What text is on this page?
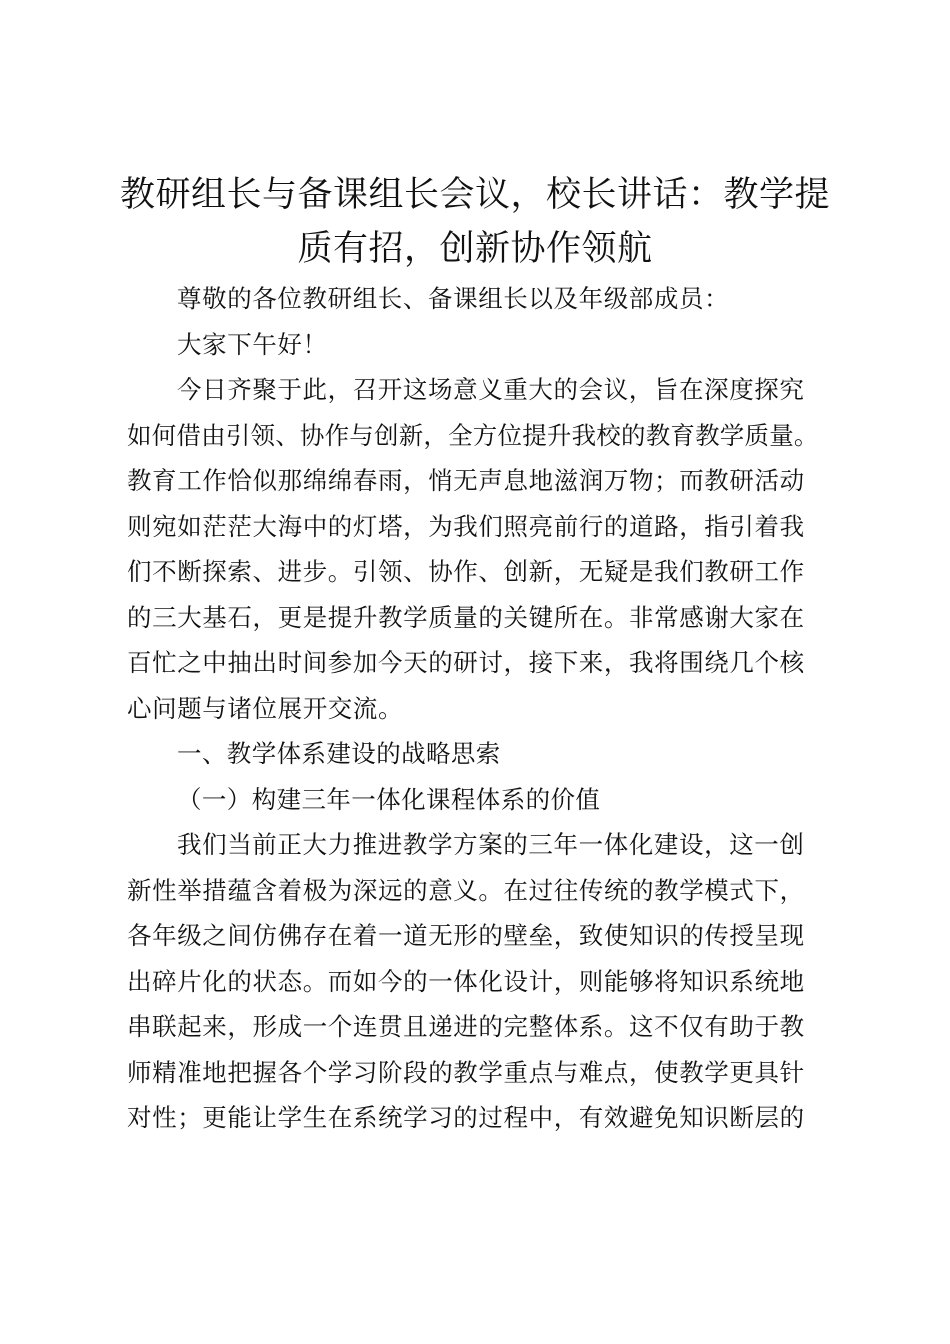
教研组长与备课组长会议，校长讲话：教学提
质有招，创新协作领航

尊敬的各位教研组长、备课组长以及年级部成员：

大家下午好！

今日齐聚于此，召开这场意义重大的会议，旨在深度探究
如何借由引领、协作与创新，全方位提升我校的教育教学质量。
教育工作恰似那绵绵春雨，悄无声息地滋润万物；而教研活动
则宛如茫茫大海中的灯塔，为我们照亮前行的道路，指引着我
们不断探索、进步。引领、协作、创新，无疑是我们教研工作
的三大基石，更是提升教学质量的关键所在。非常感谢大家在
百忙之中抽出时间参加今天的研讨，接下来，我将围绕几个核
心问题与诸位展开交流。

一、教学体系建设的战略思索

（一）构建三年一体化课程体系的价值

我们当前正大力推进教学方案的三年一体化建设，这一创
新性举措蕴含着极为深远的意义。在过往传统的教学模式下，
各年级之间仿佛存在着一道无形的壁垒，致使知识的传授呈现
出碎片化的状态。而如今的一体化设计，则能够将知识系统地
串联起来，形成一个连贯且递进的完整体系。这不仅有助于教
师精准地把握各个学习阶段的教学重点与难点，使教学更具针
对性；更能让学生在系统学习的过程中，有效避免知识断层的
